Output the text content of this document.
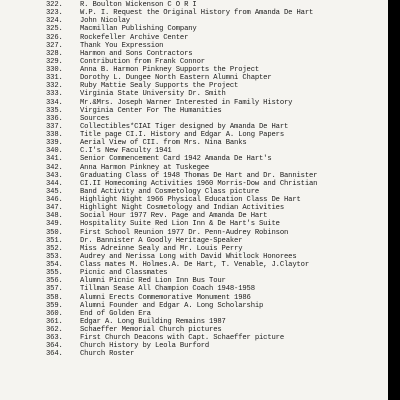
322.	R. Boulton Wickenson C O R I
323.	W.P. I. Request the Original History from Amanda De Hart
324.	John Nicolay
325.	Macmillan Publishing Company
326.	Rockefeller Archive Center
327.	Thank You Expression
328.	Harmon and Sons Contractors
329.	Contribution from Frank Connor
330.	Anna B. Harmon Pinkney Supports the Project
331.	Dorothy L. Dungee North Eastern Alumni Chapter
332.	Ruby Mattie Sealy Supports the Project
333.	Virginia State University Dr. Smith
334.	Mr.&Mrs. Joseph Warner Interested in Family History
335.	Virginia Center For The Humanities
336.	Sources
337.	Collectibles*CIAI Tiger designed by Amanda De Hart
338.	Title page CI.I. History and Edgar A. Long Papers
339.	Aerial View of CII. from Mrs. Nina Banks
340.	C.I's New Faculty 1941
341.	Senior Commencement Card 1942 Amanda De Hart's
342.	Anna Harmon Pinkney at Tuskegee
343.	Graduating Class of 1948 Thomas De Hart and Dr. Bannister
344.	CI.II Homecoming Activities 1960 Morris-Dow and Christian
345.	Band Activity and Cosmetology Class picture
346.	Highlight Night 1966 Physical Education Class De Hart
347.	Highlight Night Cosmetology and Indian Activities
348.	Social Hour 1977 Rev. Page and Amanda De Hart
349.	Hospitality Suite Red Lion Inn & De Hart's Suite
350.	First School Reunion 1977 Dr. Penn-Audrey Robinson
351.	Dr. Bannister A Goodly Heritage-Speaker
352.	Miss Adreinne Sealy and Mr. Louis Perry
353.	Audrey and Nerissa Long with David Whitlock Honorees
354.	Class mates M. Holmes.A. De Hart, T. Venable, J.Claytor
355.	Picnic and Classmates
356.	Alumni Picnic Red Lion Inn Bus Tour
357.	Tillman Sease All Champion Coach 1948-1958
358.	Alumni Erects Commemorative Monument 1986
359.	Alumni Founder and Edgar A. Long Scholarship
360.	End of Golden Era
361.	Edgar A. Long Building Remains 1987
362.	Schaeffer Memorial Church pictures
363.	First Church Deacons with Capt. Schaeffer picture
364.	Church History by Leola Burford
364.	Church Roster
